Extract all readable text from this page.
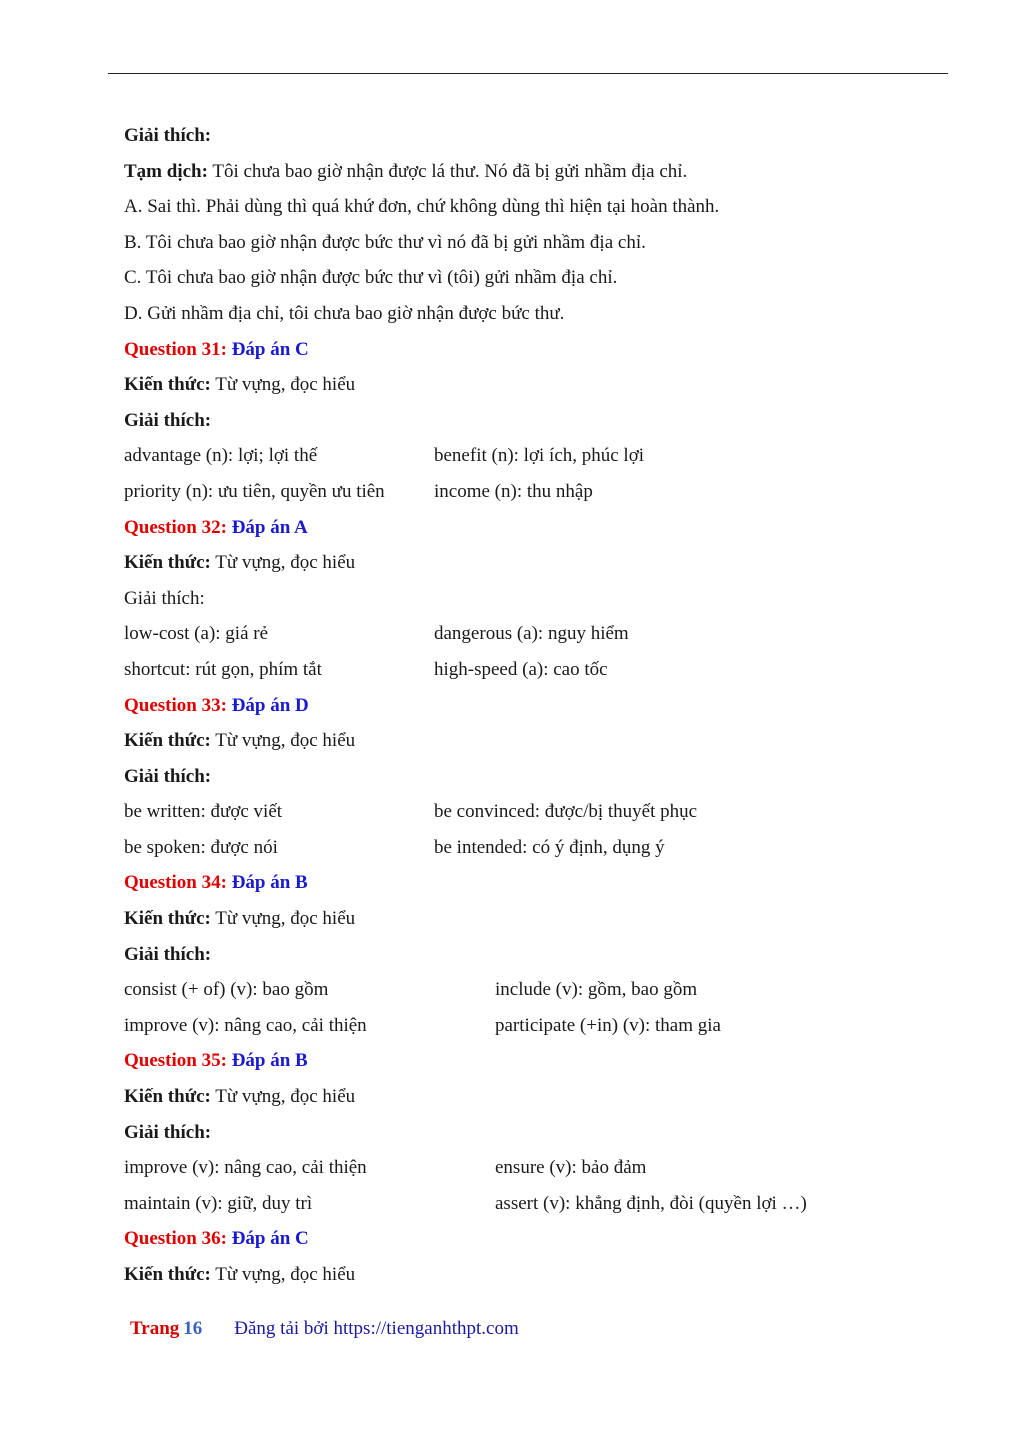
Giải thích:
Tạm dịch: Tôi chưa bao giờ nhận được lá thư. Nó đã bị gửi nhầm địa chỉ.
A. Sai thì. Phải dùng thì quá khứ đơn, chứ không dùng thì hiện tại hoàn thành.
B. Tôi chưa bao giờ nhận được bức thư vì nó đã bị gửi nhầm địa chỉ.
C. Tôi chưa bao giờ nhận được bức thư vì (tôi) gửi nhầm địa chỉ.
D. Gửi nhầm địa chỉ, tôi chưa bao giờ nhận được bức thư.
Question 31: Đáp án C
Kiến thức: Từ vựng, đọc hiểu
Giải thích:
advantage (n): lợi; lợi thế	benefit (n): lợi ích, phúc lợi
priority (n): ưu tiên, quyền ưu tiên	income (n): thu nhập
Question 32: Đáp án A
Kiến thức: Từ vựng, đọc hiểu
Giải thích:
low-cost (a): giá rẻ	dangerous (a): nguy hiểm
shortcut: rút gọn, phím tắt	high-speed (a): cao tốc
Question 33: Đáp án D
Kiến thức: Từ vựng, đọc hiểu
Giải thích:
be written: được viết	be convinced: được/bị thuyết phục
be spoken: được nói	be intended: có ý định, dụng ý
Question 34: Đáp án B
Kiến thức: Từ vựng, đọc hiểu
Giải thích:
consist (+ of) (v): bao gồm	include (v): gồm, bao gồm
improve (v): nâng cao, cải thiện	participate (+in) (v): tham gia
Question 35: Đáp án B
Kiến thức: Từ vựng, đọc hiểu
Giải thích:
improve (v): nâng cao, cải thiện	ensure (v): bảo đảm
maintain (v): giữ, duy trì	assert (v): khẳng định, đòi (quyền lợi …)
Question 36: Đáp án C
Kiến thức: Từ vựng, đọc hiểu
Trang 16 Đăng tải bởi https://tienganhthpt.com
